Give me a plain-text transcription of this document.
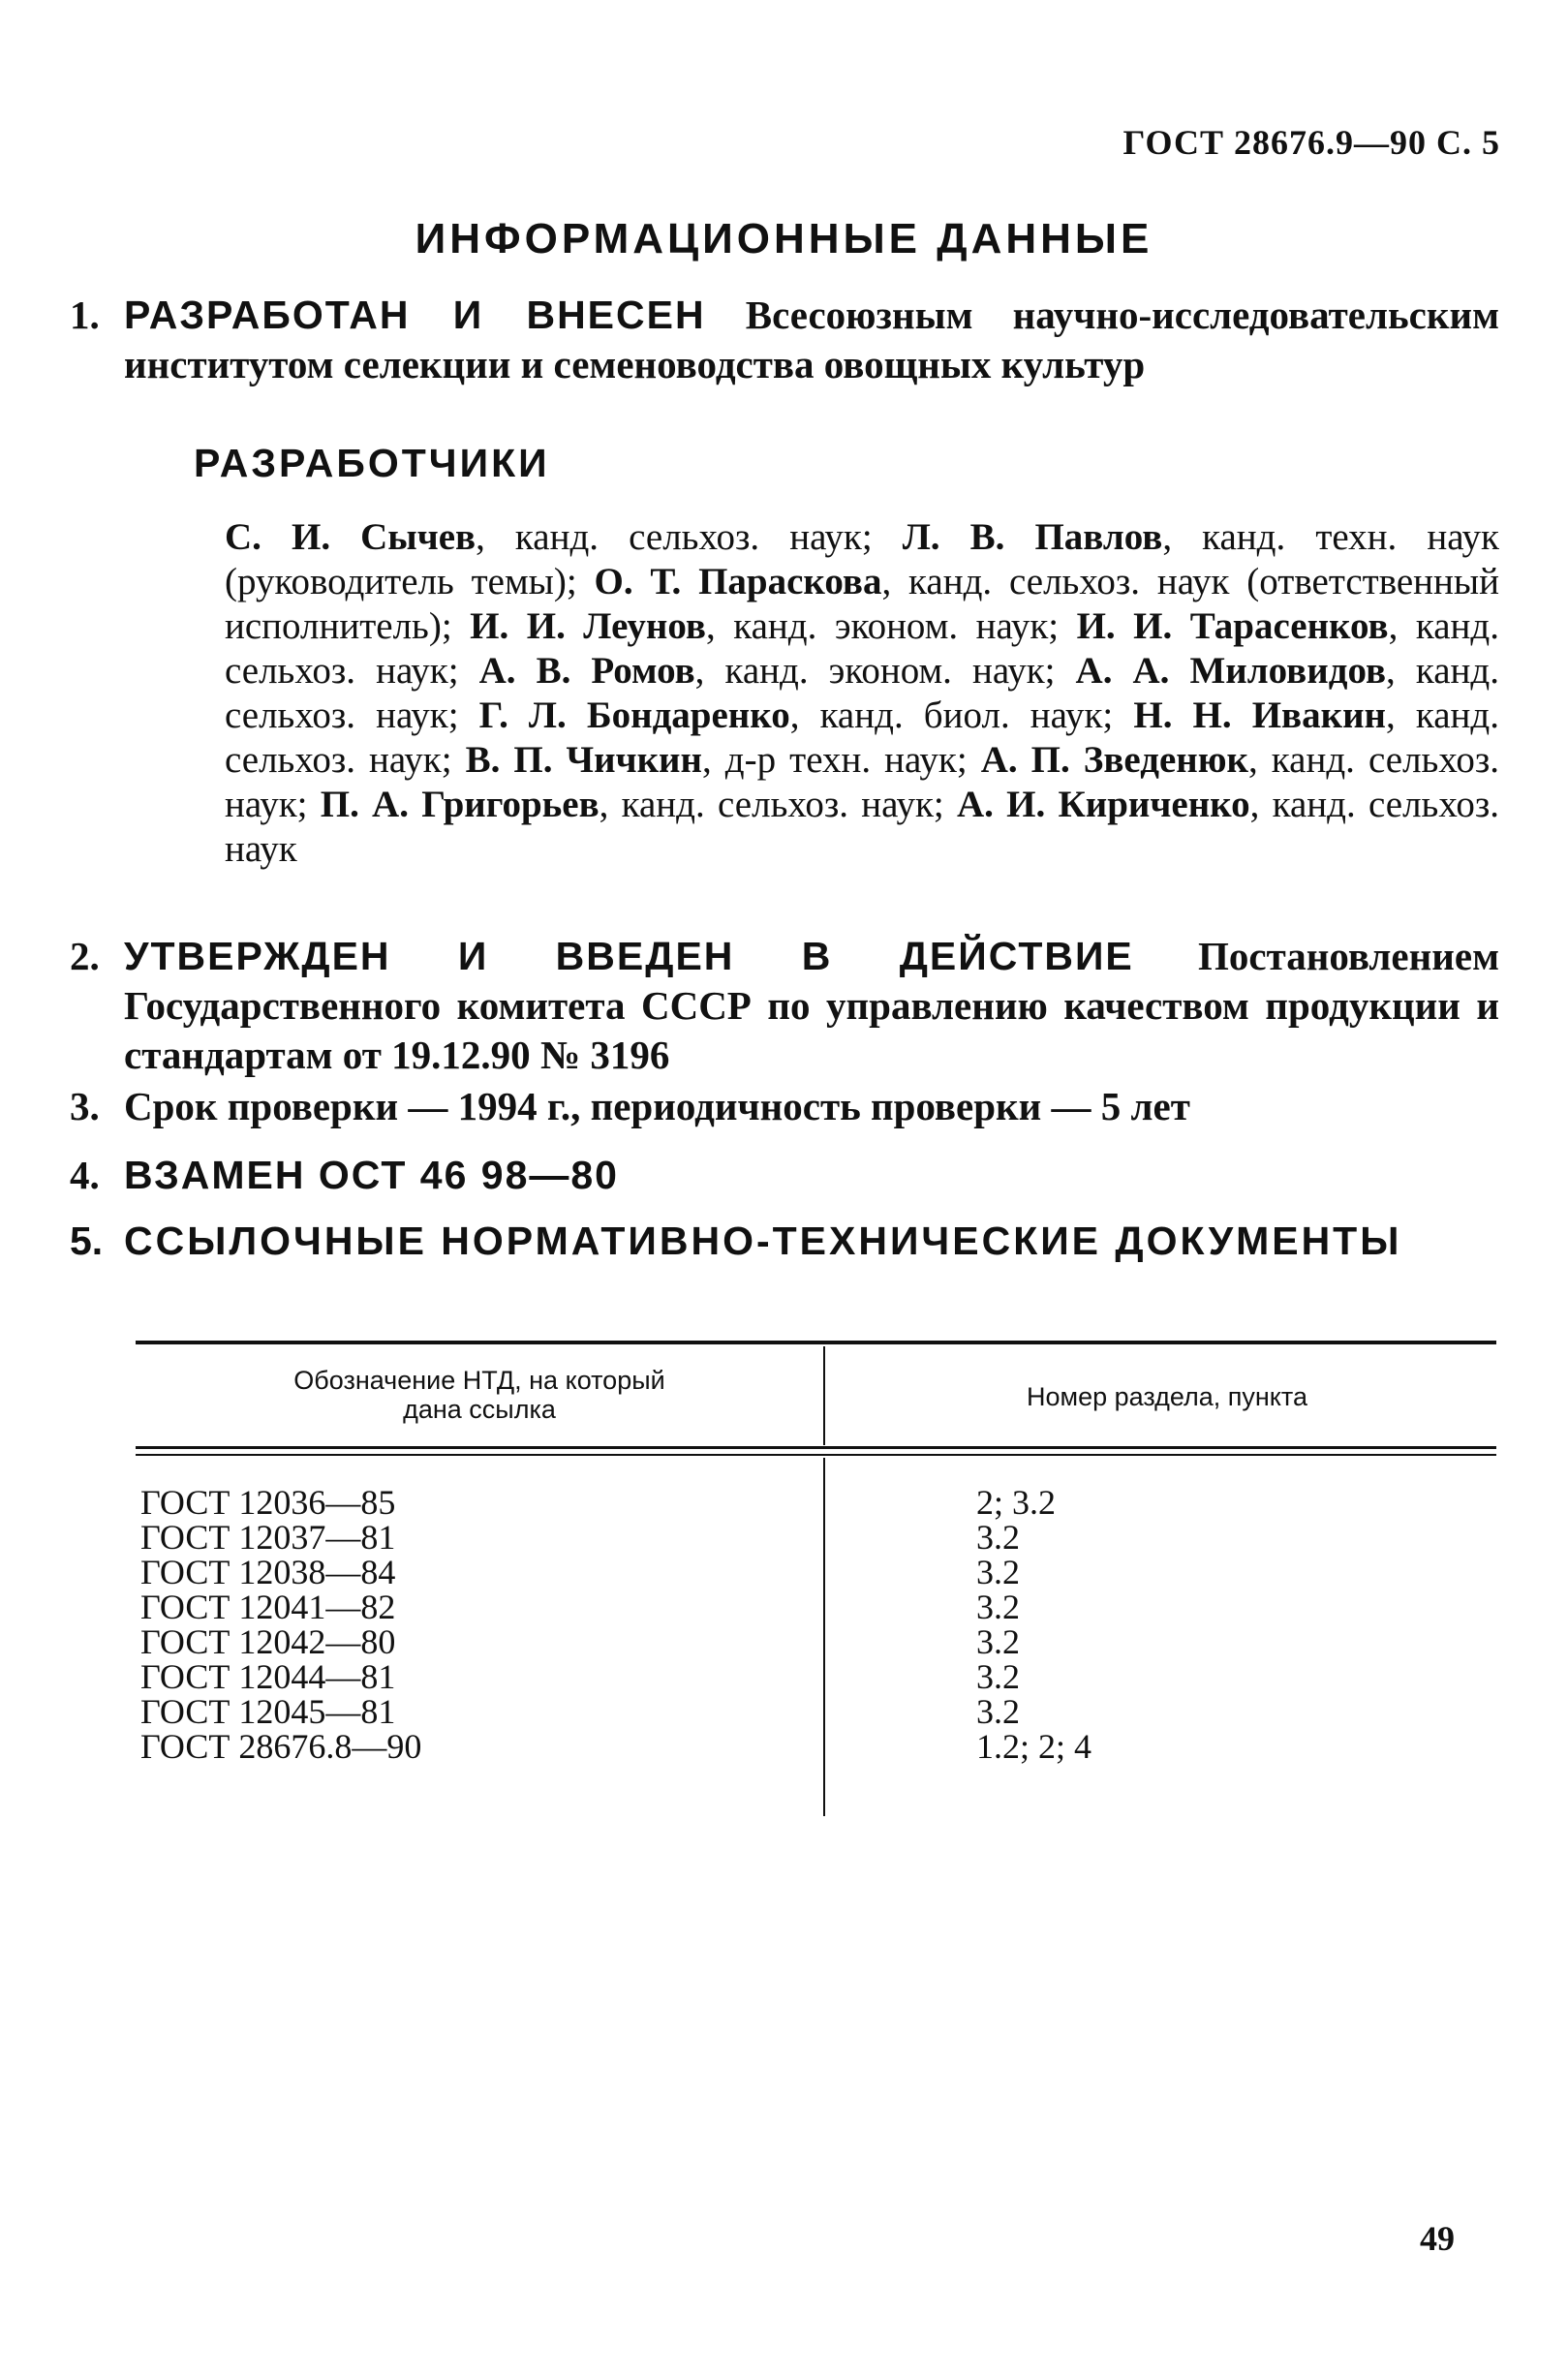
ГОСТ 28676.9—90 С. 5
ИНФОРМАЦИОННЫЕ ДАННЫЕ
1. РАЗРАБОТАН И ВНЕСЕН Всесоюзным научно-исследовательским институтом селекции и семеноводства овощных культур
РАЗРАБОТЧИКИ
С. И. Сычев, канд. сельхоз. наук; Л. В. Павлов, канд. техн. наук (руководитель темы); О. Т. Параскова, канд. сельхоз. наук (ответственный исполнитель); И. И. Леунов, канд. эконом. наук; И. И. Тарасенков, канд. сельхоз. наук; А. В. Ромов, канд. эконом. наук; А. А. Миловидов, канд. сельхоз. наук; Г. Л. Бондаренко, канд. биол. наук; Н. Н. Ивакин, канд. сельхоз. наук; В. П. Чичкин, д-р техн. наук; А. П. Зведенюк, канд. сельхоз. наук; П. А. Григорьев, канд. сельхоз. наук; А. И. Кириченко, канд. сельхоз. наук
2. УТВЕРЖДЕН И ВВЕДЕН В ДЕЙСТВИЕ Постановлением Государственного комитета СССР по управлению качеством продукции и стандартам от 19.12.90 № 3196
3. Срок проверки — 1994 г., периодичность проверки — 5 лет
4. ВЗАМЕН ОСТ 46 98—80
5. ССЫЛОЧНЫЕ НОРМАТИВНО-ТЕХНИЧЕСКИЕ ДОКУМЕНТЫ
Обозначение НТД, на который
дана ссылка	Номер раздела, пункта
ГОСТ 12036—85
ГОСТ 12037—81
ГОСТ 12038—84
ГОСТ 12041—82
ГОСТ 12042—80
ГОСТ 12044—81
ГОСТ 12045—81
ГОСТ 28676.8—90
2; 3.2
3.2
3.2
3.2
3.2
3.2
3.2
1.2; 2; 4
49
